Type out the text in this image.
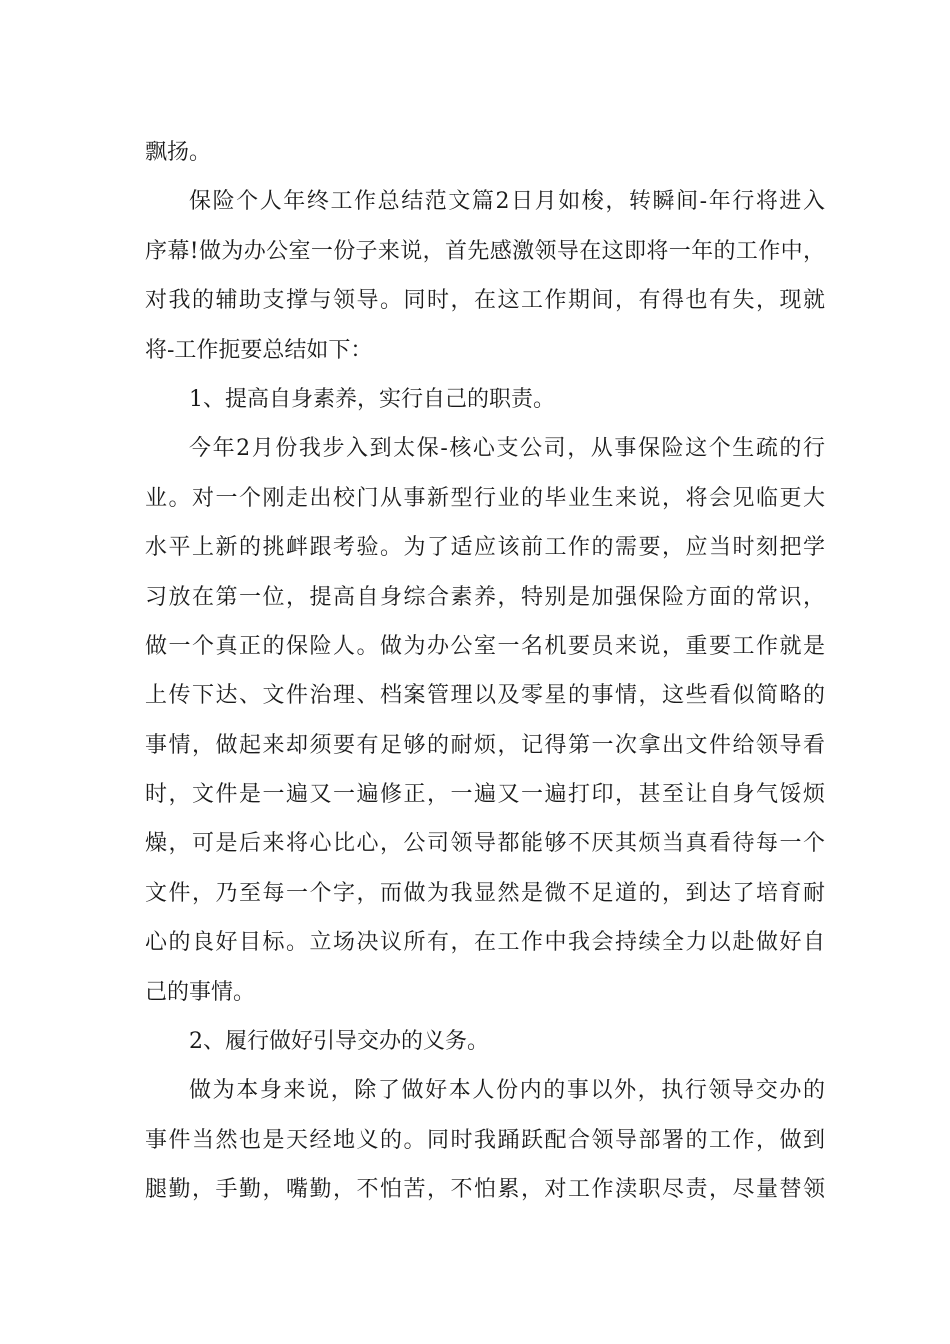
飘扬。
保险个人年终工作总结范文篇2日月如梭，转瞬间-年行将进入
序幕!做为办公室一份子来说，首先感激领导在这即将一年的工作中，
对我的辅助支撑与领导。同时，在这工作期间，有得也有失，现就
将-工作扼要总结如下：
1、提高自身素养，实行自己的职责。
今年2月份我步入到太保-核心支公司，从事保险这个生疏的行
业。对一个刚走出校门从事新型行业的毕业生来说，将会见临更大
水平上新的挑衅跟考验。为了适应该前工作的需要，应当时刻把学
习放在第一位，提高自身综合素养，特别是加强保险方面的常识，
做一个真正的保险人。做为办公室一名机要员来说，重要工作就是
上传下达、文件治理、档案管理以及零星的事情，这些看似简略的
事情，做起来却须要有足够的耐烦，记得第一次拿出文件给领导看
时，文件是一遍又一遍修正，一遍又一遍打印，甚至让自身气馁烦
燥，可是后来将心比心，公司领导都能够不厌其烦当真看待每一个
文件，乃至每一个字，而做为我显然是微不足道的，到达了培育耐
心的良好目标。立场决议所有，在工作中我会持续全力以赴做好自
己的事情。
2、履行做好引导交办的义务。
做为本身来说，除了做好本人份内的事以外，执行领导交办的
事件当然也是天经地义的。同时我踊跃配合领导部署的工作，做到
腿勤，手勤，嘴勤，不怕苦，不怕累，对工作渎职尽责，尽量替领
